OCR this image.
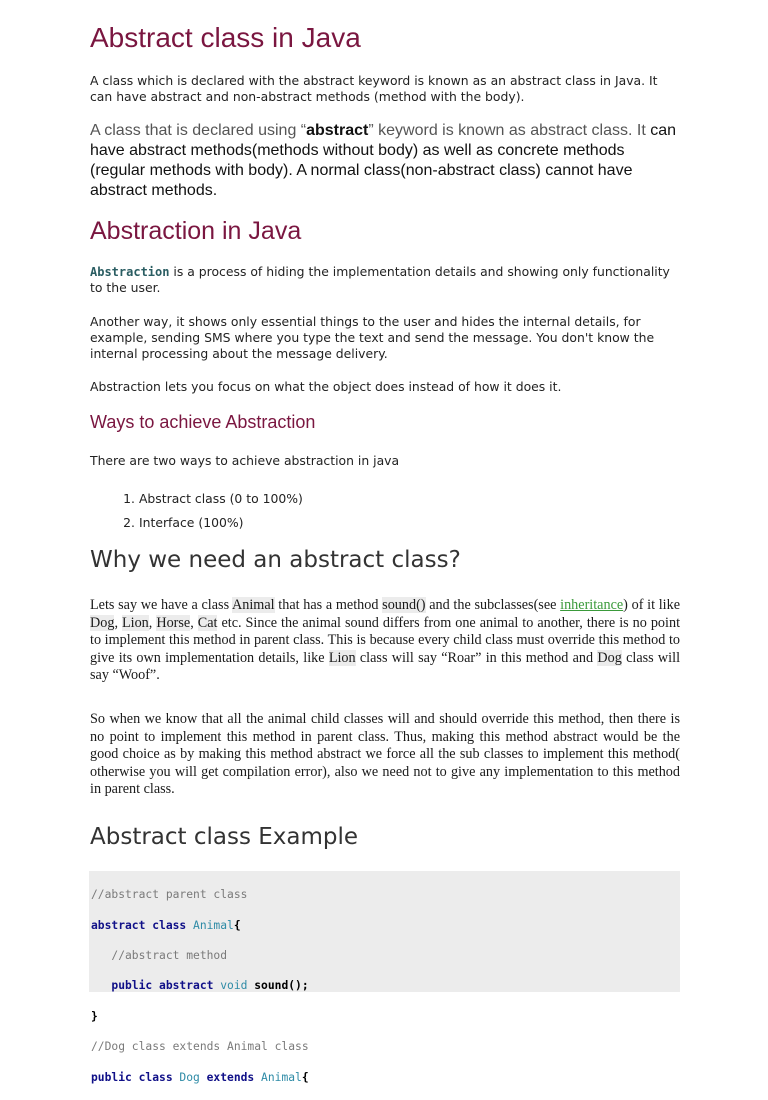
Abstract class in Java

A class which is declared with the abstract keyword is known as an abstract class in Java. It can have abstract and non-abstract methods (method with the body).

A class that is declared using “abstract” keyword is known as abstract class. It can have abstract methods(methods without body) as well as concrete methods (regular methods with body). A normal class(non-abstract class) cannot have abstract methods.

Abstraction in Java

Abstraction is a process of hiding the implementation details and showing only functionality to the user.

Another way, it shows only essential things to the user and hides the internal details, for example, sending SMS where you type the text and send the message. You don't know the internal processing about the message delivery.

Abstraction lets you focus on what the object does instead of how it does it.

Ways to achieve Abstraction

There are two ways to achieve abstraction in java

1. Abstract class (0 to 100%)
2. Interface (100%)
Why we need an abstract class?

Lets say we have a class Animal that has a method sound() and the subclasses(see inheritance) of it like Dog, Lion, Horse, Cat etc. Since the animal sound differs from one animal to another, there is no point to implement this method in parent class. This is because every child class must override this method to give its own implementation details, like Lion class will say “Roar” in this method and Dog class will say “Woof”.

So when we know that all the animal child classes will and should override this method, then there is no point to implement this method in parent class. Thus, making this method abstract would be the good choice as by making this method abstract we force all the sub classes to implement this method( otherwise you will get compilation error), also we need not to give any implementation to this method in parent class.

Abstract class Example

//abstract parent class

abstract class Animal{

//abstract method

public abstract void sound();

}

//Dog class extends Animal class

public class Dog extends Animal{
